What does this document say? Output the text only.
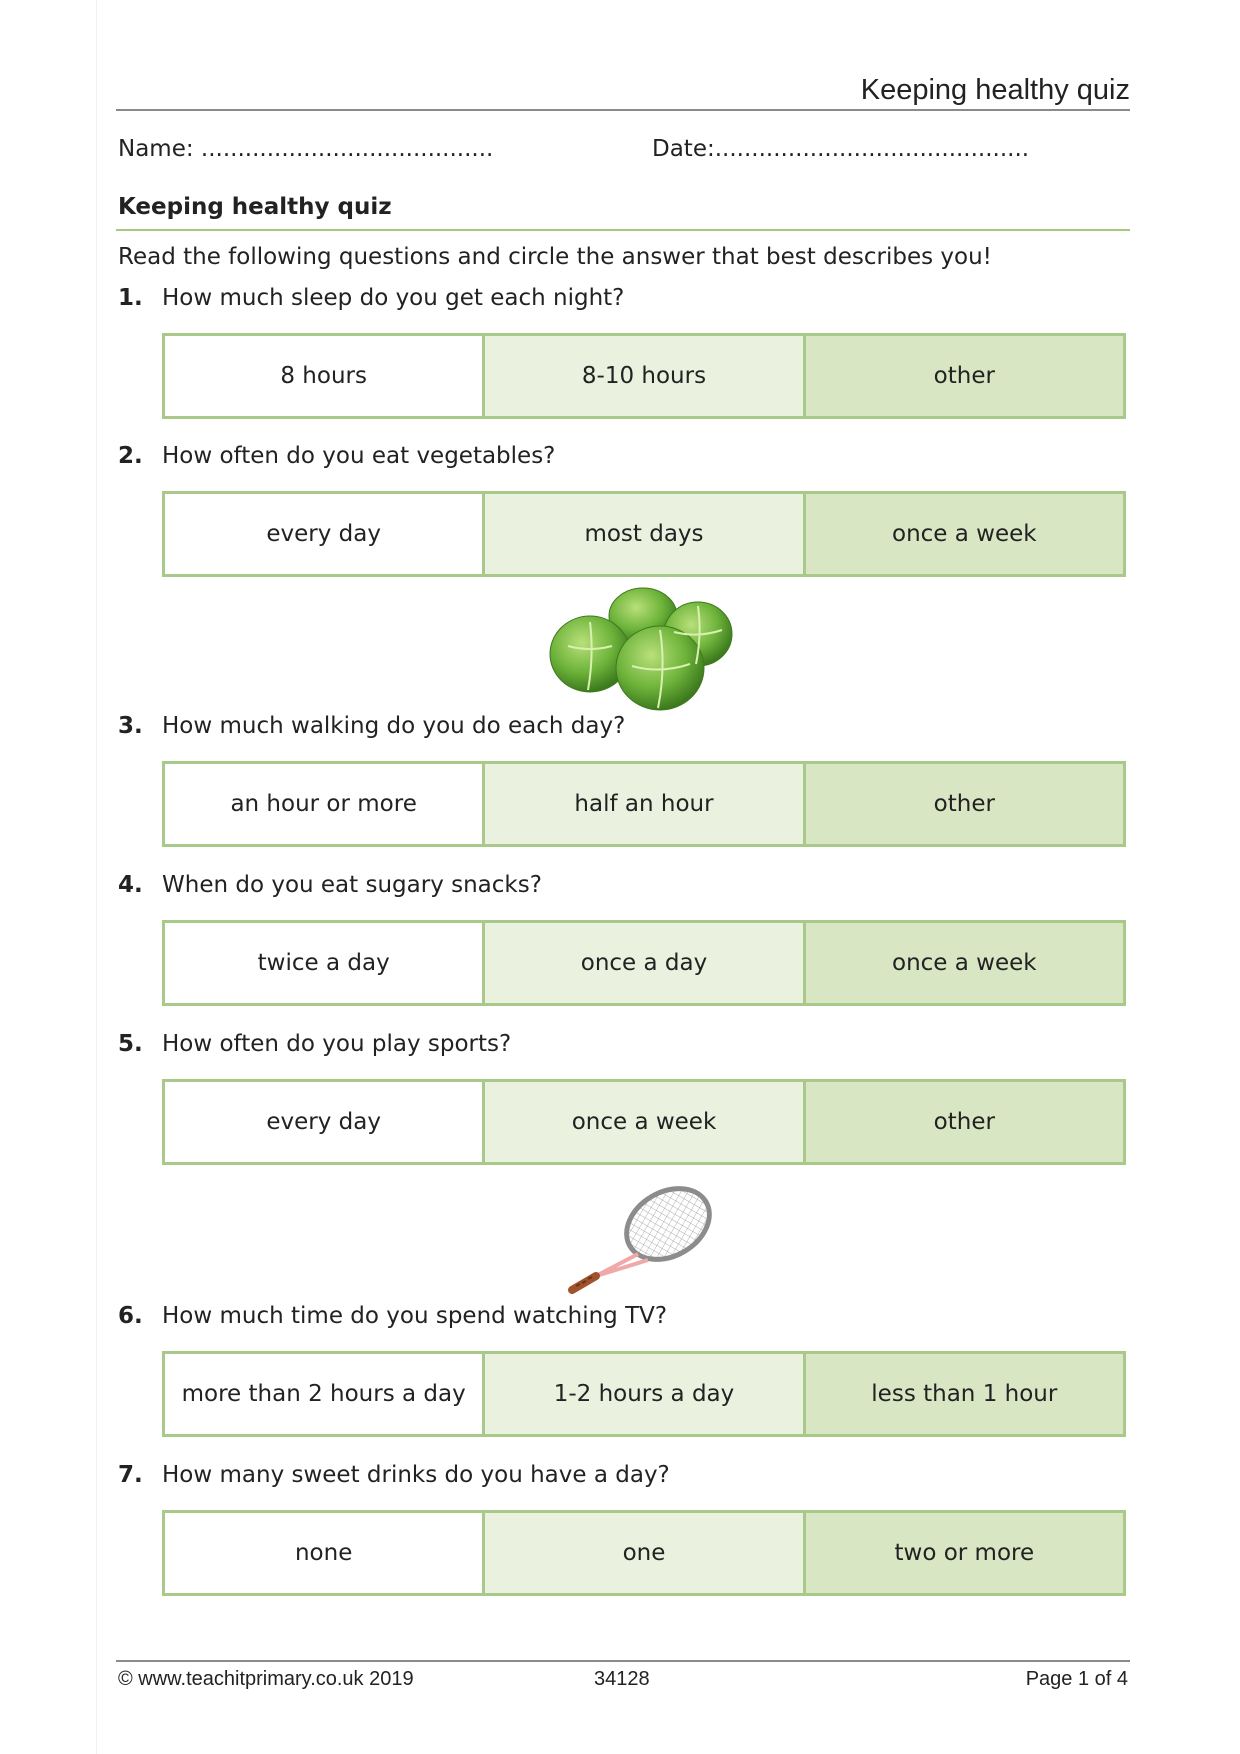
Keeping healthy quiz
Name: ........................................	Date:...........................................
Keeping healthy quiz
Read the following questions and circle the answer that best describes you!
1. How much sleep do you get each night?
8 hours	8-10 hours	other
2. How often do you eat vegetables?
every day	most days	once a week
3. How much walking do you do each day?
an hour or more	half an hour	other
4. When do you eat sugary snacks?
twice a day	once a day	once a week
5. How often do you play sports?
every day	once a week	other
6. How much time do you spend watching TV?
more than 2 hours a day	1-2 hours a day	less than 1 hour
7. How many sweet drinks do you have a day?
none	one	two or more
© www.teachitprimary.co.uk 2019	34128	Page 1 of 4
